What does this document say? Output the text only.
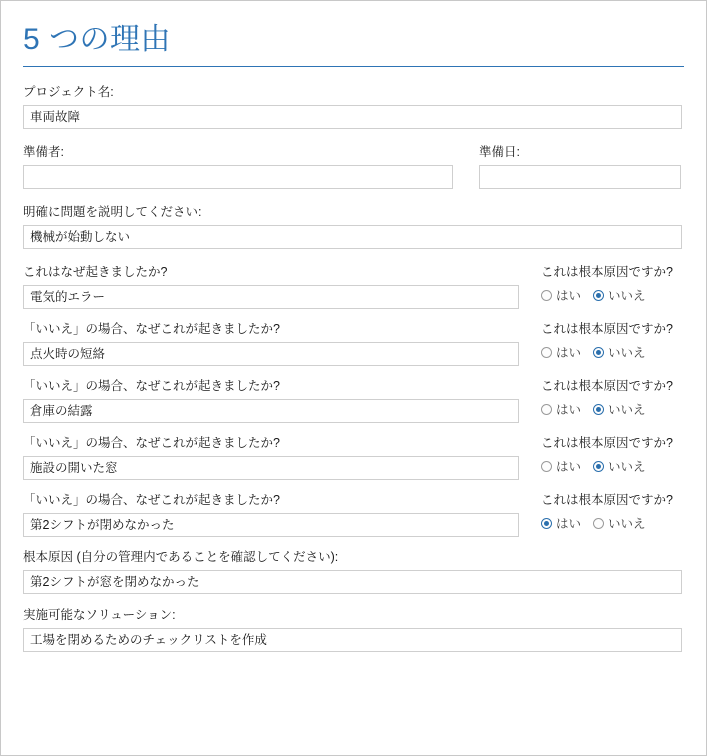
5 つの理由
プロジェクト名:
車両故障
準備者:	準備日:
明確に問題を説明してください:
機械が始動しない
これはなぜ起きましたか?
電気的エラー
これは根本原因ですか?
はい いいえ
「いいえ」の場合、なぜこれが起きましたか?
点火時の短絡
これは根本原因ですか?
はい いいえ
「いいえ」の場合、なぜこれが起きましたか?
倉庫の結露
これは根本原因ですか?
はい いいえ
「いいえ」の場合、なぜこれが起きましたか?
施設の開いた窓
これは根本原因ですか?
はい いいえ
「いいえ」の場合、なぜこれが起きましたか?
第2シフトが閉めなかった
これは根本原因ですか?
はい いいえ
根本原因 (自分の管理内であることを確認してください):
第2シフトが窓を閉めなかった
実施可能なソリューション:
工場を閉めるためのチェックリストを作成
